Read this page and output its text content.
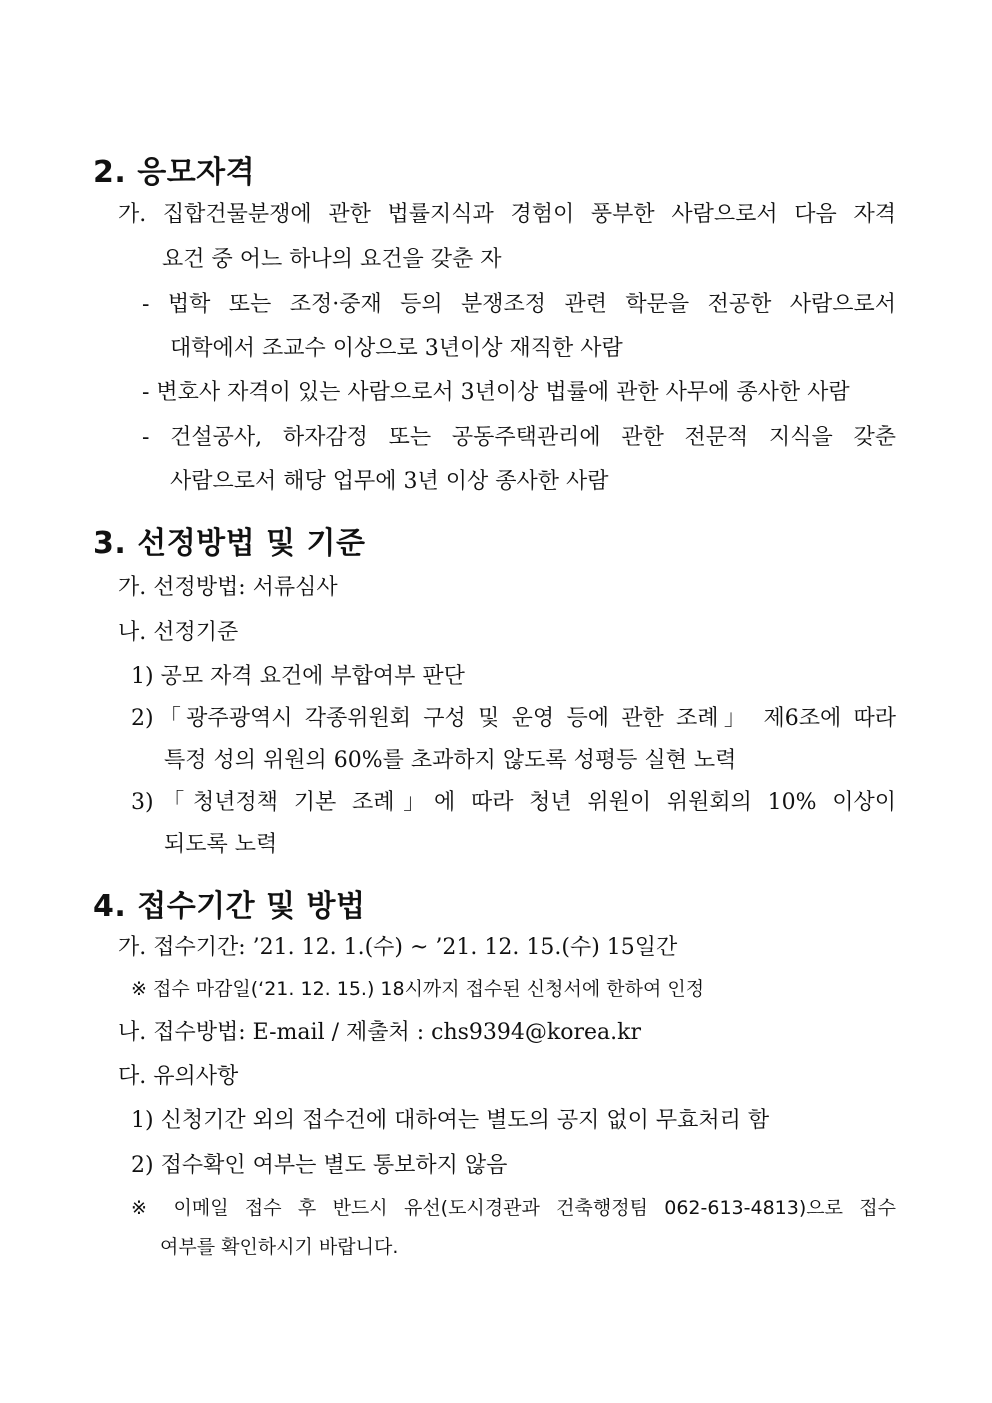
2. 응모자격
가. 집합건물분쟁에 관한 법률지식과 경험이 풍부한 사람으로서 다음 자격
요건 중 어느 하나의 요건을 갖춘 자
- 법학 또는 조정·중재 등의 분쟁조정 관련 학문을 전공한 사람으로서
대학에서 조교수 이상으로 3년이상 재직한 사람
- 변호사 자격이 있는 사람으로서 3년이상 법률에 관한 사무에 종사한 사람
- 건설공사, 하자감정 또는 공동주택관리에 관한 전문적 지식을 갖춘
사람으로서 해당 업무에 3년 이상 종사한 사람
3. 선정방법 및 기준
가. 선정방법: 서류심사
나. 선정기준
1) 공모 자격 요건에 부합여부 판단
2)「광주광역시 각종위원회 구성 및 운영 등에 관한 조례」 제6조에 따라
특정 성의 위원의 60%를 초과하지 않도록 성평등 실현 노력
3)「청년정책 기본 조례」에 따라 청년 위원이 위원회의 10% 이상이
되도록 노력
4. 접수기간 및 방법
가. 접수기간: ’21. 12. 1.(수) ~ ’21. 12. 15.(수) 15일간
※ 접수 마감일(‘21. 12. 15.) 18시까지 접수된 신청서에 한하여 인정
나. 접수방법: E-mail / 제출처 : chs9394@korea.kr
다. 유의사항
1) 신청기간 외의 접수건에 대하여는 별도의 공지 없이 무효처리 함
2) 접수확인 여부는 별도 통보하지 않음
※ 이메일 접수 후 반드시 유선(도시경관과 건축행정팀 062-613-4813)으로 접수
여부를 확인하시기 바랍니다.
